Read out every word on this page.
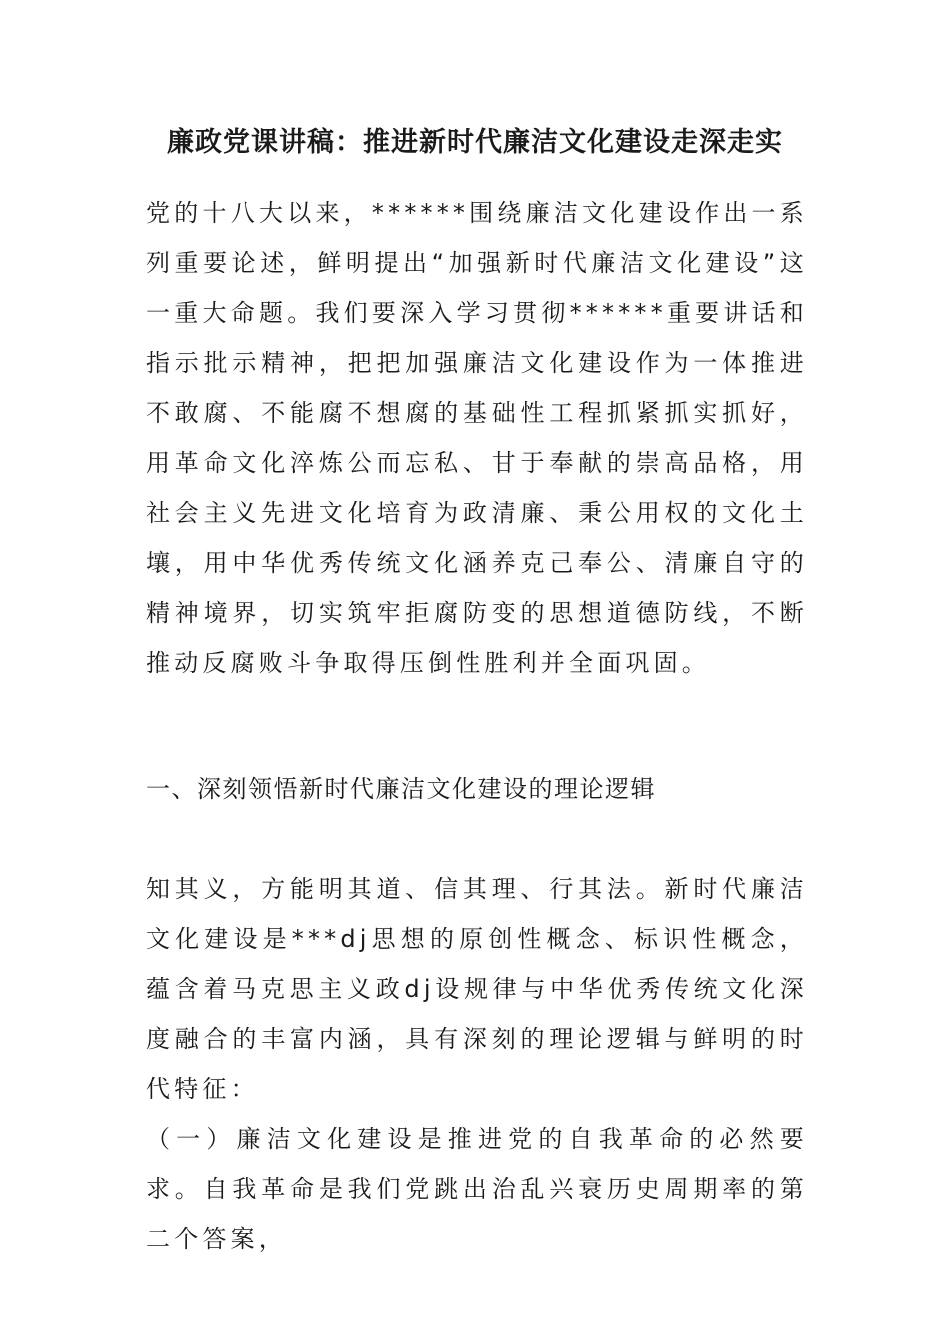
廉政党课讲稿：推进新时代廉洁文化建设走深走实

党的十八大以来，******围绕廉洁文化建设作出一系列重要论述，鲜明提出“加强新时代廉洁文化建设”这一重大命题。我们要深入学习贯彻******重要讲话和指示批示精神，把把加强廉洁文化建设作为一体推进不敢腐、不能腐不想腐的基础性工程抓紧抓实抓好，用革命文化淬炼公而忘私、甘于奉献的崇高品格，用社会主义先进文化培育为政清廉、秉公用权的文化土壤，用中华优秀传统文化涵养克己奉公、清廉自守的精神境界，切实筑牢拒腐防变的思想道德防线，不断推动反腐败斗争取得压倒性胜利并全面巩固。

一、深刻领悟新时代廉洁文化建设的理论逻辑

知其义，方能明其道、信其理、行其法。新时代廉洁文化建设是***dj思想的原创性概念、标识性概念，蕴含着马克思主义政dj设规律与中华优秀传统文化深度融合的丰富内涵，具有深刻的理论逻辑与鲜明的时代特征：

（一）廉洁文化建设是推进党的自我革命的必然要求。自我革命是我们党跳出治乱兴衰历史周期率的第二个答案，
